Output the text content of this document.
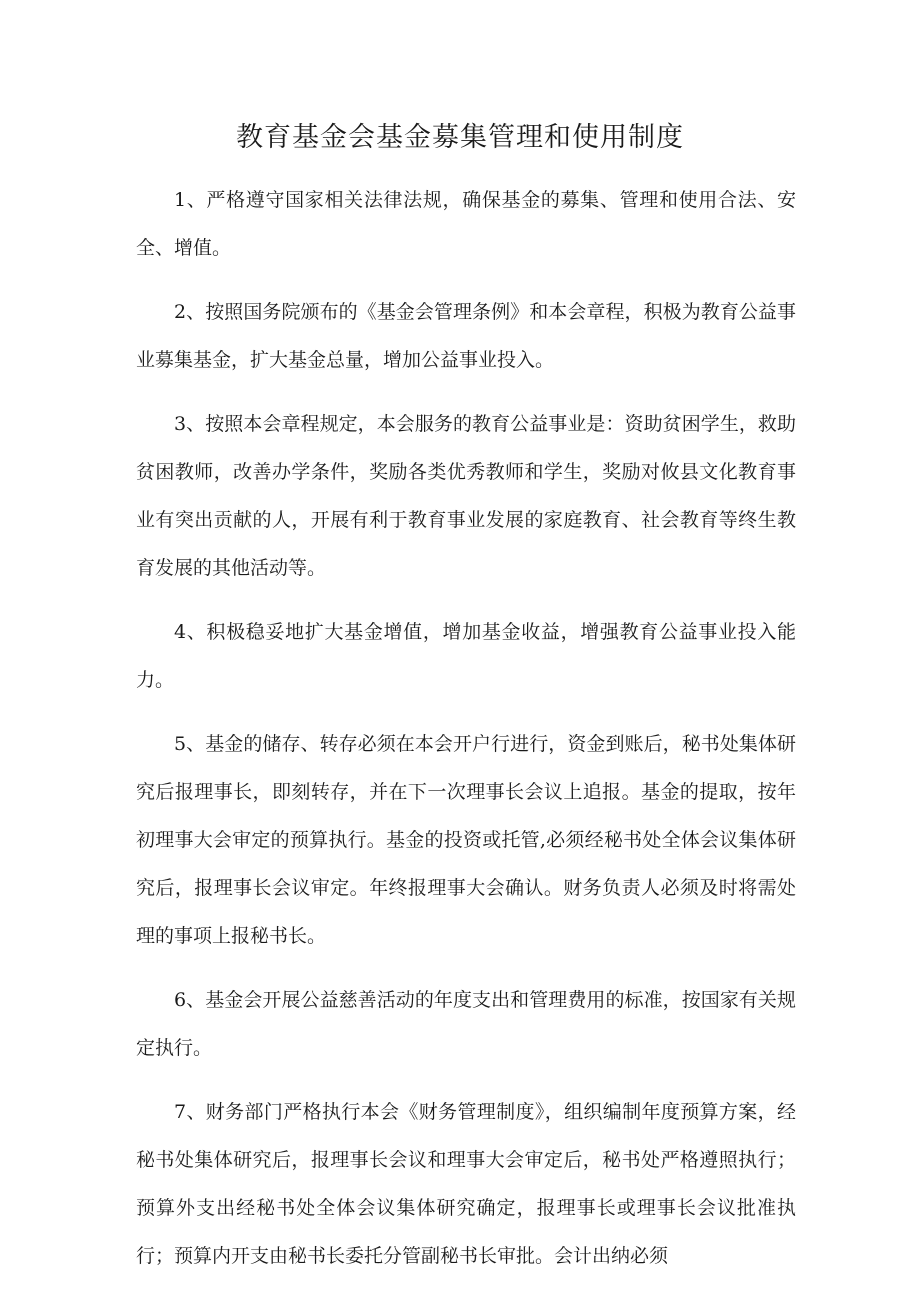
教育基金会基金募集管理和使用制度

1、严格遵守国家相关法律法规，确保基金的募集、管理和使用合法、安全、增值。

2、按照国务院颁布的《基金会管理条例》和本会章程，积极为教育公益事业募集基金，扩大基金总量，增加公益事业投入。

3、按照本会章程规定，本会服务的教育公益事业是：资助贫困学生，救助贫困教师，改善办学条件，奖励各类优秀教师和学生，奖励对攸县文化教育事业有突出贡献的人，开展有利于教育事业发展的家庭教育、社会教育等终生教育发展的其他活动等。

4、积极稳妥地扩大基金增值，增加基金收益，增强教育公益事业投入能力。

5、基金的储存、转存必须在本会开户行进行，资金到账后，秘书处集体研究后报理事长，即刻转存，并在下一次理事长会议上追报。基金的提取，按年初理事大会审定的预算执行。基金的投资或托管,必须经秘书处全体会议集体研究后，报理事长会议审定。年终报理事大会确认。财务负责人必须及时将需处理的事项上报秘书长。

6、基金会开展公益慈善活动的年度支出和管理费用的标准，按国家有关规定执行。

7、财务部门严格执行本会《财务管理制度》，组织编制年度预算方案，经秘书处集体研究后，报理事长会议和理事大会审定后，秘书处严格遵照执行；预算外支出经秘书处全体会议集体研究确定，报理事长或理事长会议批准执行；预算内开支由秘书长委托分管副秘书长审批。会计出纳必须
